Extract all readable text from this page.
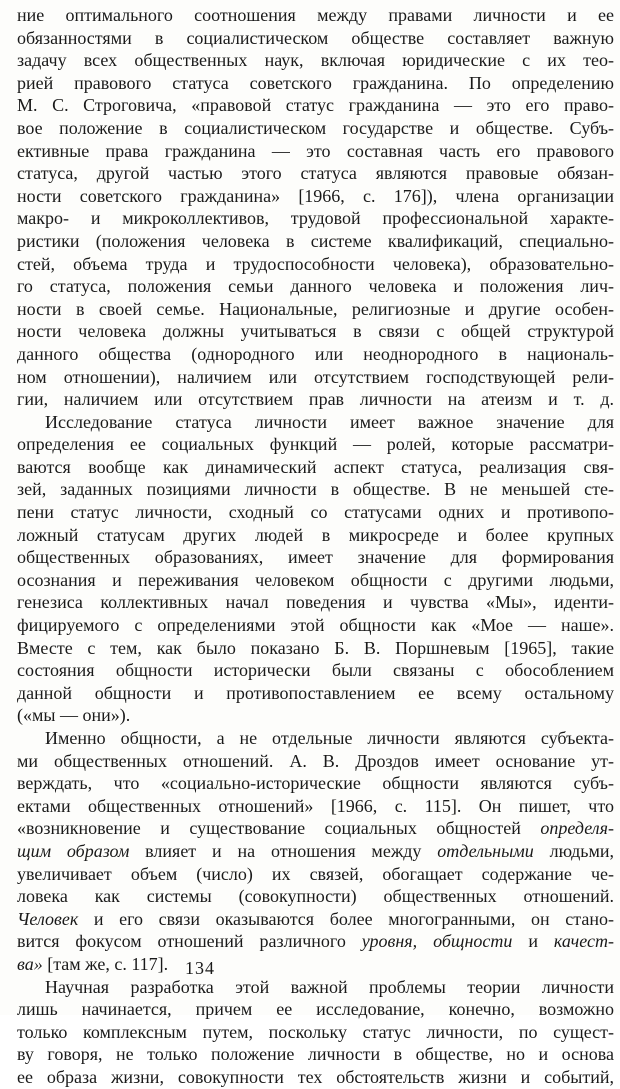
ние оптимального соотношения между правами личности и ее
обязанностями в социалистическом обществе составляет важную
задачу всех общественных наук, включая юридические с их тео-
рией правового статуса советского гражданина. По определению
М. С. Строговича, «правовой статус гражданина — это его право-
вое положение в социалистическом государстве и обществе. Субъ-
ективные права гражданина — это составная часть его правового
статуса, другой частью этого статуса являются правовые обязан-
ности советского гражданина» [1966, с. 176]), члена организации
макро- и микроколлективов, трудовой профессиональной характе-
ристики (положения человека в системе квалификаций, специально-
стей, объема труда и трудоспособности человека), образовательно-
го статуса, положения семьи данного человека и положения лич-
ности в своей семье. Национальные, религиозные и другие особен-
ности человека должны учитываться в связи с общей структурой
данного общества (однородного или неоднородного в националь-
ном отношении), наличием или отсутствием господствующей рели-
гии, наличием или отсутствием прав личности на атеизм и т. д.
Исследование статуса личности имеет важное значение для
определения ее социальных функций — ролей, которые рассматри-
ваются вообще как динамический аспект статуса, реализация свя-
зей, заданных позициями личности в обществе. В не меньшей сте-
пени статус личности, сходный со статусами одних и противопо-
ложный статусам других людей в микросреде и более крупных
общественных образованиях, имеет значение для формирования
осознания и переживания человеком общности с другими людьми,
генезиса коллективных начал поведения и чувства «Мы», иденти-
фицируемого с определениями этой общности как «Мое — наше».
Вместе с тем, как было показано Б. В. Поршневым [1965], такие
состояния общности исторически были связаны с обособлением
данной общности и противопоставлением ее всему остальному
(«мы — они»).
Именно общности, а не отдельные личности являются субъекта-
ми общественных отношений. А. В. Дроздов имеет основание ут-
верждать, что «социально-исторические общности являются субъ-
ектами общественных отношений» [1966, с. 115]. Он пишет, что
«возникновение и существование социальных общностей определя-
щим образом влияет и на отношения между отдельными людьми,
увеличивает объем (число) их связей, обогащает содержание че-
ловека как системы (совокупности) общественных отношений.
Человек и его связи оказываются более многогранными, он стано-
вится фокусом отношений различного уровня, общности и качест-
ва» [там же, с. 117].
Научная разработка этой важной проблемы теории личности
лишь начинается, причем ее исследование, конечно, возможно
только комплексным путем, поскольку статус личности, по сущест-
ву говоря, не только положение личности в обществе, но и основа
ее образа жизни, совокупности тех обстоятельств жизни и событий,
134
